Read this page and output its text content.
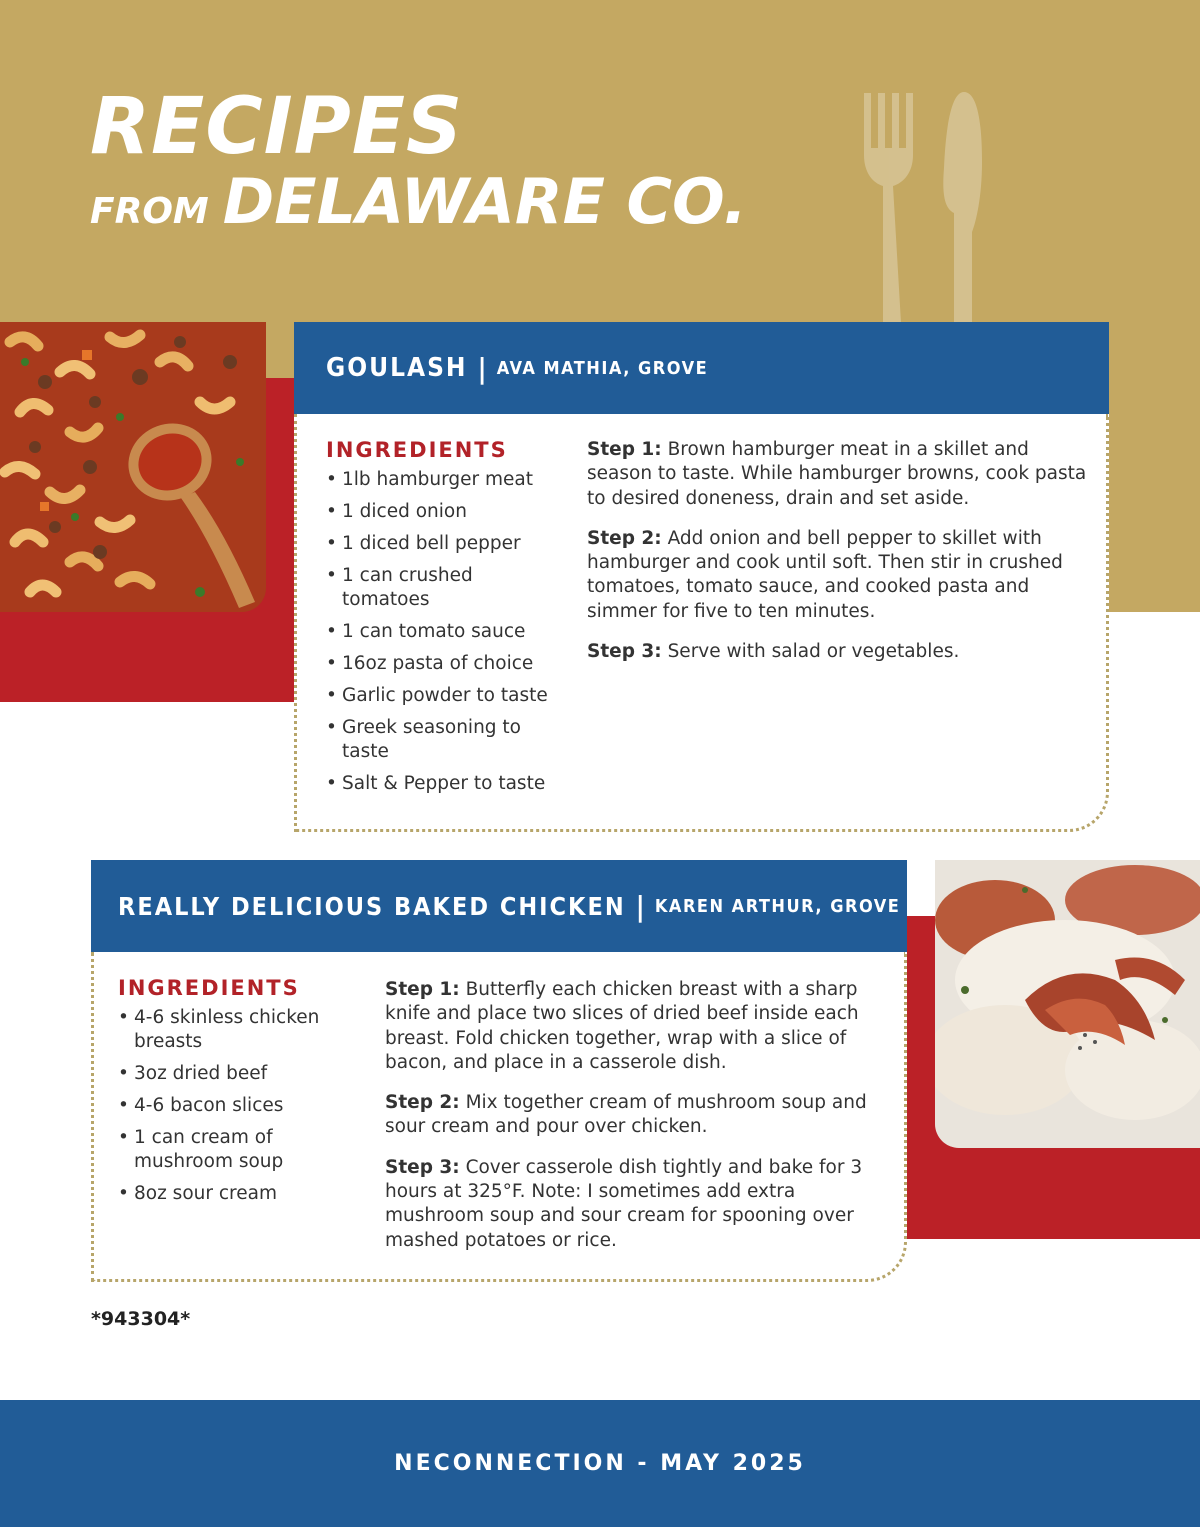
RECIPES
FROM DELAWARE CO.
GOULASH | AVA MATHIA, GROVE
INGREDIENTS
• 1lb hamburger meat
• 1 diced onion
• 1 diced bell pepper
• 1 can crushed tomatoes
• 1 can tomato sauce
• 16oz pasta of choice
• Garlic powder to taste
• Greek seasoning to taste
• Salt & Pepper to taste

Step 1: Brown hamburger meat in a skillet and season to taste. While hamburger browns, cook pasta to desired doneness, drain and set aside.

Step 2: Add onion and bell pepper to skillet with hamburger and cook until soft. Then stir in crushed tomatoes, tomato sauce, and cooked pasta and simmer for five to ten minutes.

Step 3: Serve with salad or vegetables.

REALLY DELICIOUS BAKED CHICKEN | KAREN ARTHUR, GROVE
INGREDIENTS
• 4-6 skinless chicken breasts
• 3oz dried beef
• 4-6 bacon slices
• 1 can cream of mushroom soup
• 8oz sour cream

Step 1: Butterfly each chicken breast with a sharp knife and place two slices of dried beef inside each breast. Fold chicken together, wrap with a slice of bacon, and place in a casserole dish.

Step 2: Mix together cream of mushroom soup and sour cream and pour over chicken.

Step 3: Cover casserole dish tightly and bake for 3 hours at 325°F. Note: I sometimes add extra mushroom soup and sour cream for spooning over mashed potatoes or rice.

*943304*
NECONNECTION - MAY 2025
